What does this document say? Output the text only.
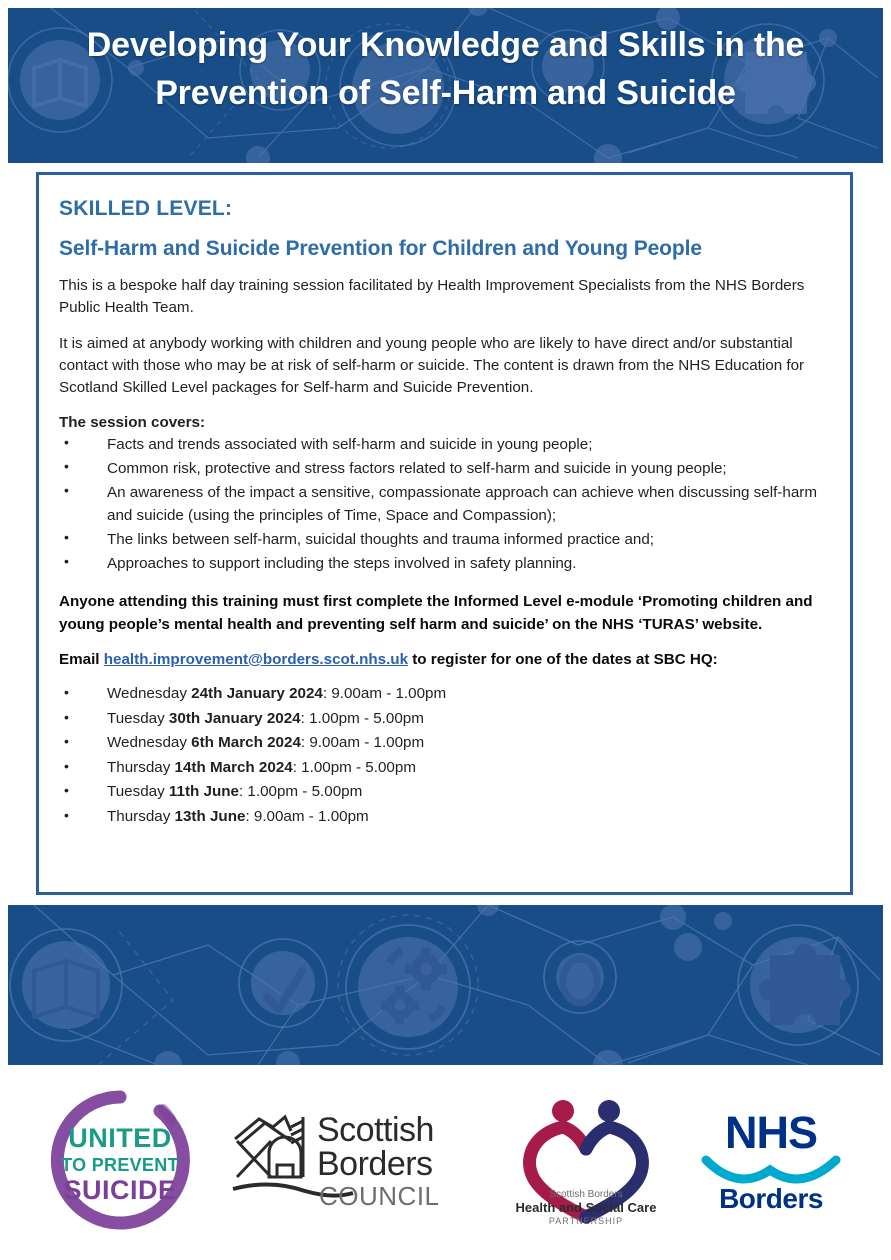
Developing Your Knowledge and Skills in the Prevention of Self-Harm and Suicide
SKILLED LEVEL:
Self-Harm and Suicide Prevention for Children and Young People

This is a bespoke half day training session facilitated by Health Improvement Specialists from the NHS Borders Public Health Team.

It is aimed at anybody working with children and young people who are likely to have direct and/or substantial contact with those who may be at risk of self-harm or suicide. The content is drawn from the NHS Education for Scotland Skilled Level packages for Self-harm and Suicide Prevention.

The session covers:
• Facts and trends associated with self-harm and suicide in young people;
• Common risk, protective and stress factors related to self-harm and suicide in young people;
• An awareness of the impact a sensitive, compassionate approach can achieve when discussing self-harm and suicide (using the principles of Time, Space and Compassion);
• The links between self-harm, suicidal thoughts and trauma informed practice and;
• Approaches to support including the steps involved in safety planning.

Anyone attending this training must first complete the Informed Level e-module ‘Promoting children and young people’s mental health and preventing self harm and suicide’ on the NHS ‘TURAS’ website.

Email health.improvement@borders.scot.nhs.uk to register for one of the dates at SBC HQ:

• Wednesday 24th January 2024: 9.00am - 1.00pm
• Tuesday 30th January 2024: 1.00pm - 5.00pm
• Wednesday 6th March 2024: 9.00am - 1.00pm
• Thursday 14th March 2024: 1.00pm - 5.00pm
• Tuesday 11th June: 1.00pm - 5.00pm
• Thursday 13th June: 9.00am - 1.00pm
UNITED
TO PREVENT
SUICIDE
Scottish
Borders
COUNCIL	Scottish Borders
Health and Social Care
PARTNERSHIP
NHS
Borders
